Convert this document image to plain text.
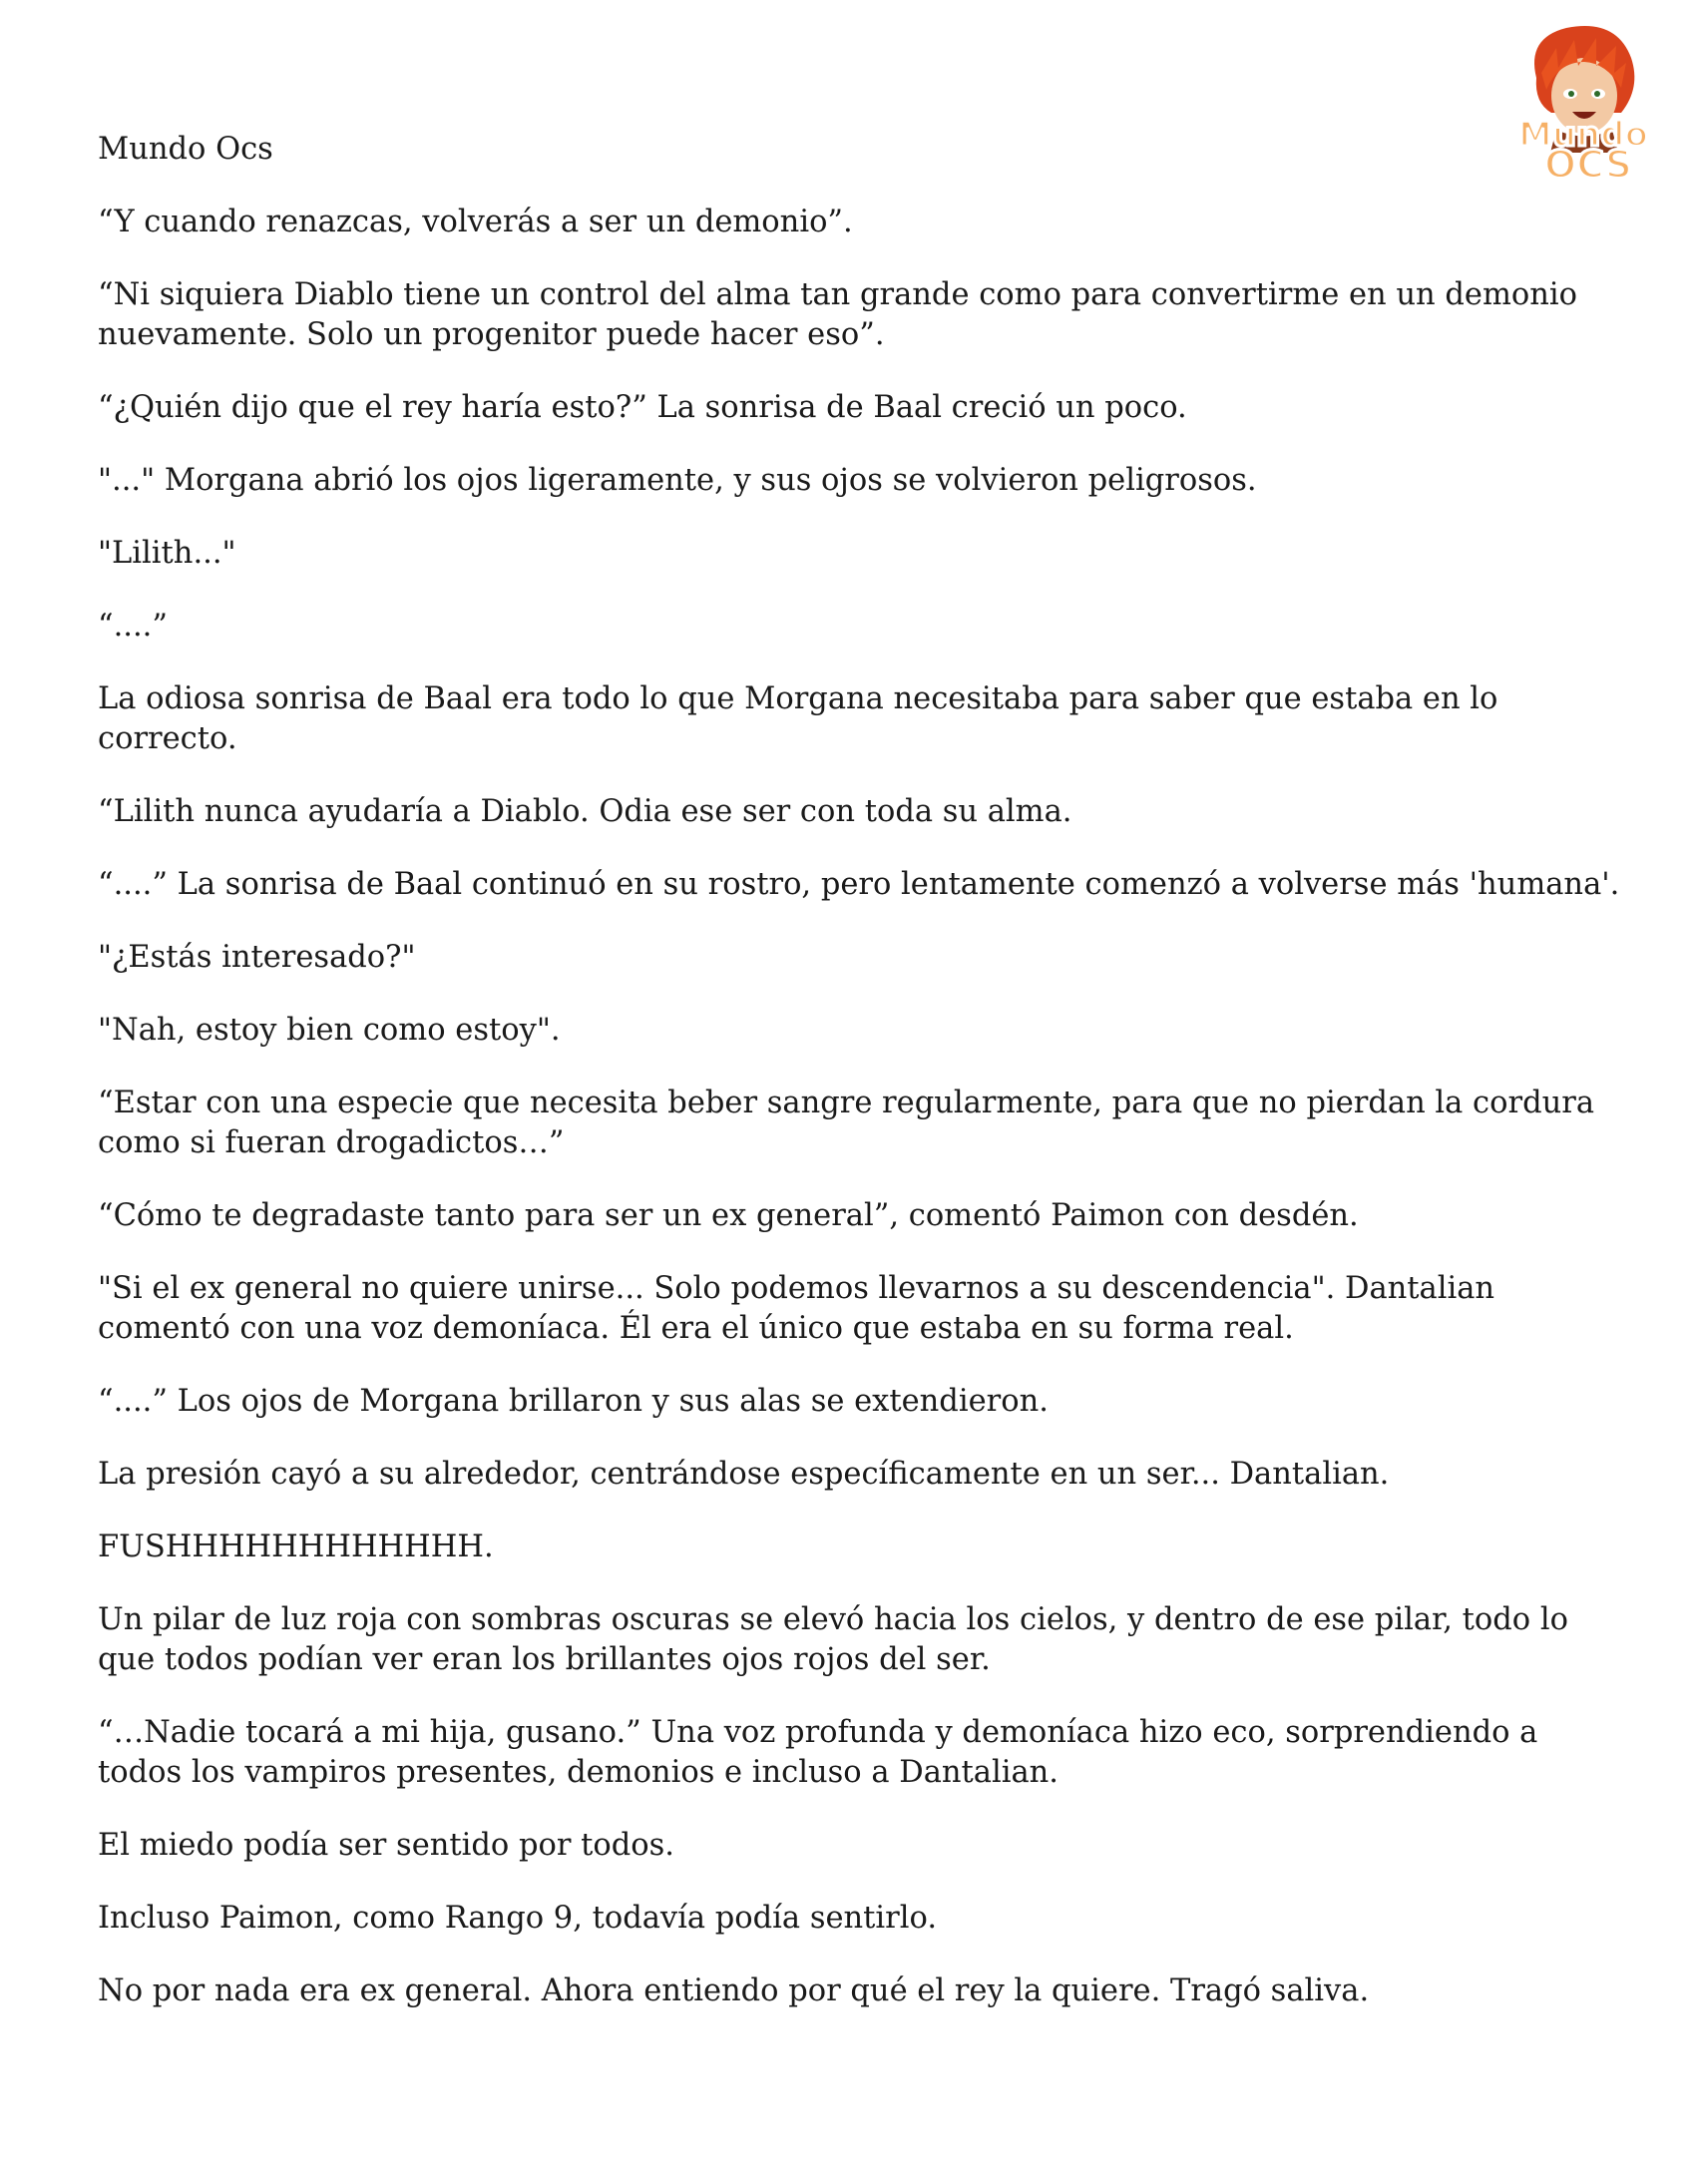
Mundo
OCS
Mundo Ocs
“Y cuando renazcas, volverás a ser un demonio”.
“Ni siquiera Diablo tiene un control del alma tan grande como para convertirme en un demonio nuevamente. Solo un progenitor puede hacer eso”.
“¿Quién dijo que el rey haría esto?” La sonrisa de Baal creció un poco.
"..." Morgana abrió los ojos ligeramente, y sus ojos se volvieron peligrosos.
"Lilith..."
“....”
La odiosa sonrisa de Baal era todo lo que Morgana necesitaba para saber que estaba en lo correcto.
“Lilith nunca ayudaría a Diablo. Odia ese ser con toda su alma.
“....” La sonrisa de Baal continuó en su rostro, pero lentamente comenzó a volverse más 'humana'.
"¿Estás interesado?"
"Nah, estoy bien como estoy".
“Estar con una especie que necesita beber sangre regularmente, para que no pierdan la cordura como si fueran drogadictos…”
“Cómo te degradaste tanto para ser un ex general”, comentó Paimon con desdén.
"Si el ex general no quiere unirse... Solo podemos llevarnos a su descendencia". Dantalian comentó con una voz demoníaca. Él era el único que estaba en su forma real.
“....” Los ojos de Morgana brillaron y sus alas se extendieron.
La presión cayó a su alrededor, centrándose específicamente en un ser... Dantalian.
FUSHHHHHHHHHHHH.
Un pilar de luz roja con sombras oscuras se elevó hacia los cielos, y dentro de ese pilar, todo lo que todos podían ver eran los brillantes ojos rojos del ser.
“…Nadie tocará a mi hija, gusano.” Una voz profunda y demoníaca hizo eco, sorprendiendo a todos los vampiros presentes, demonios e incluso a Dantalian.
El miedo podía ser sentido por todos.
Incluso Paimon, como Rango 9, todavía podía sentirlo.
No por nada era ex general. Ahora entiendo por qué el rey la quiere. Tragó saliva.
